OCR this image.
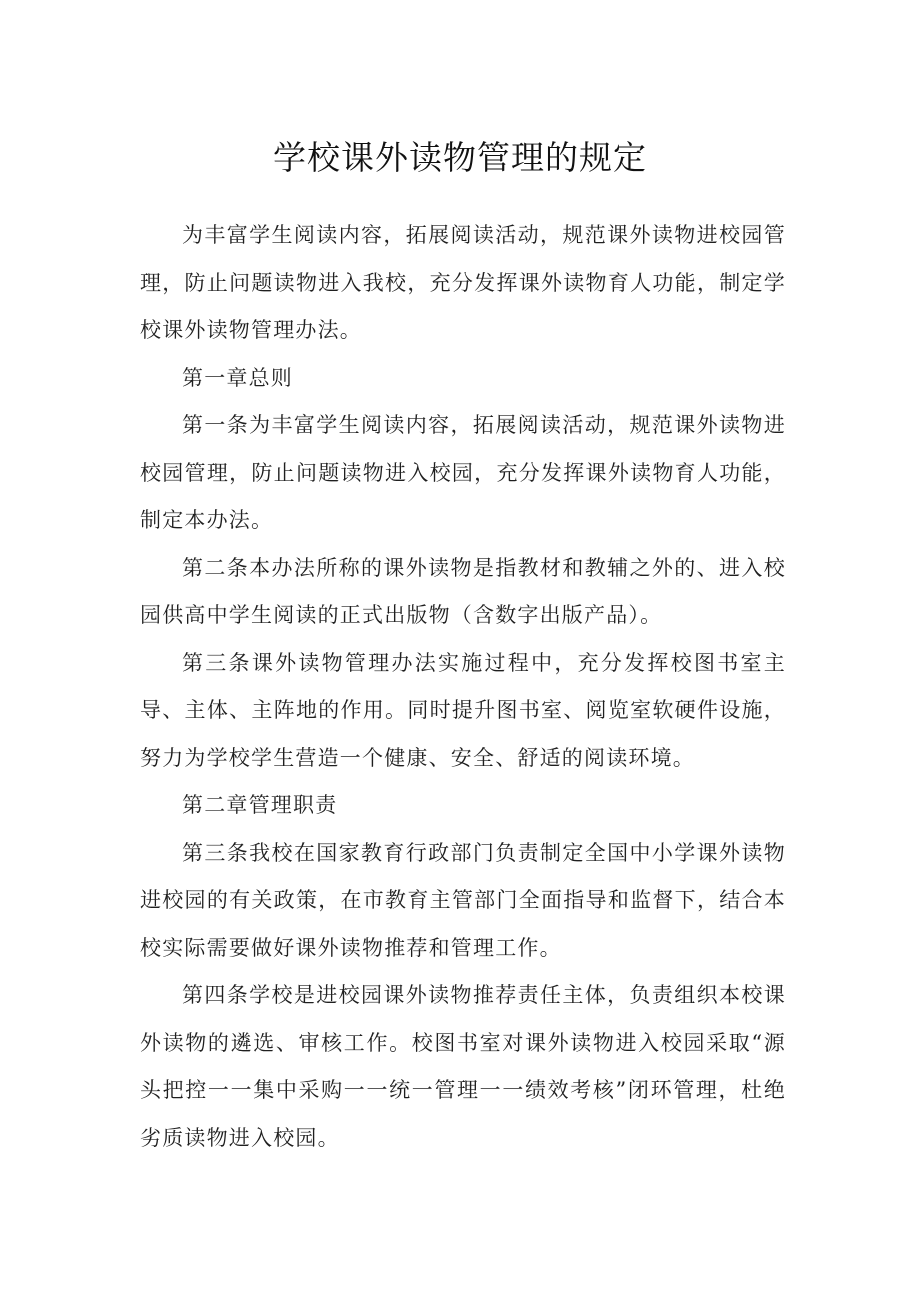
学校课外读物管理的规定

为丰富学生阅读内容，拓展阅读活动，规范课外读物进校园管理，防止问题读物进入我校，充分发挥课外读物育人功能，制定学校课外读物管理办法。

第一章总则

第一条为丰富学生阅读内容，拓展阅读活动，规范课外读物进校园管理，防止问题读物进入校园，充分发挥课外读物育人功能，制定本办法。

第二条本办法所称的课外读物是指教材和教辅之外的、进入校园供高中学生阅读的正式出版物（含数字出版产品）。

第三条课外读物管理办法实施过程中，充分发挥校图书室主导、主体、主阵地的作用。同时提升图书室、阅览室软硬件设施，努力为学校学生营造一个健康、安全、舒适的阅读环境。

第二章管理职责

第三条我校在国家教育行政部门负责制定全国中小学课外读物进校园的有关政策，在市教育主管部门全面指导和监督下，结合本校实际需要做好课外读物推荐和管理工作。

第四条学校是进校园课外读物推荐责任主体，负责组织本校课外读物的遴选、审核工作。校图书室对课外读物进入校园采取“源头把控一一集中采购一一统一管理一一绩效考核”闭环管理，杜绝劣质读物进入校园。
